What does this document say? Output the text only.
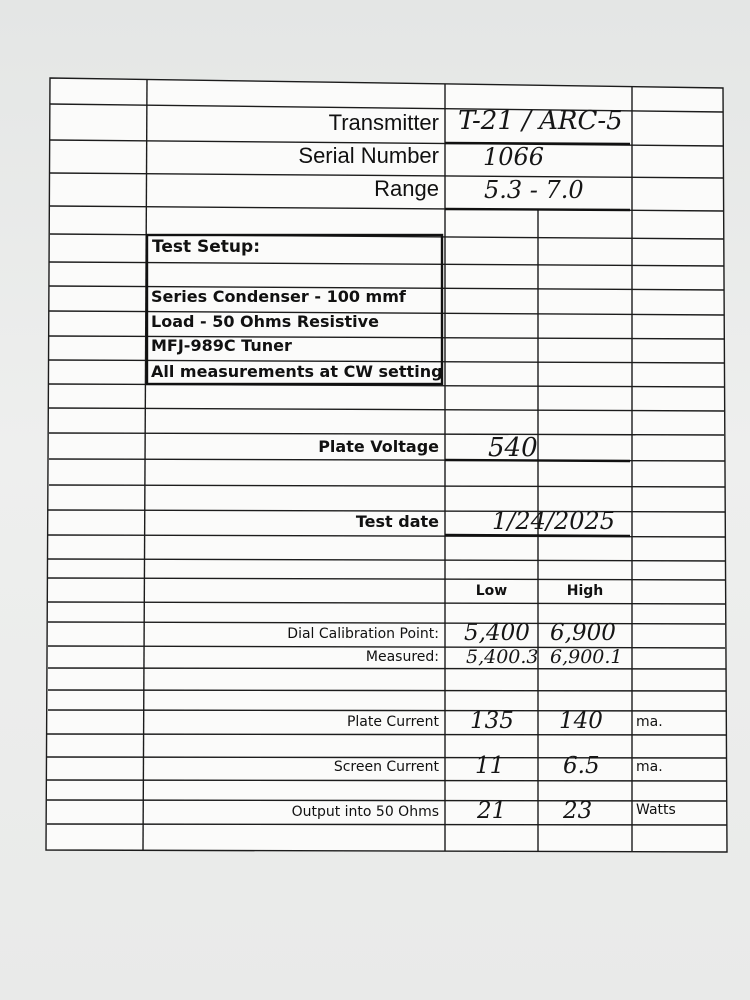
Transmitter T-21 / ARC-5
Serial Number 1066
Range 5.3 - 7.0
Test Setup:
Series Condenser - 100 mmf
Load - 50 Ohms Resistive
MFJ-989C Tuner
All measurements at CW setting
Plate Voltage 540
Test date 1/24/2025
Low	High
Dial Calibration Point: 5,400 6,900
Measured: 5,400.3 6,900.1
Plate Current 135 140 ma.
Screen Current 11	6.5	ma.
Output into 50 Ohms 21 23	Watts
